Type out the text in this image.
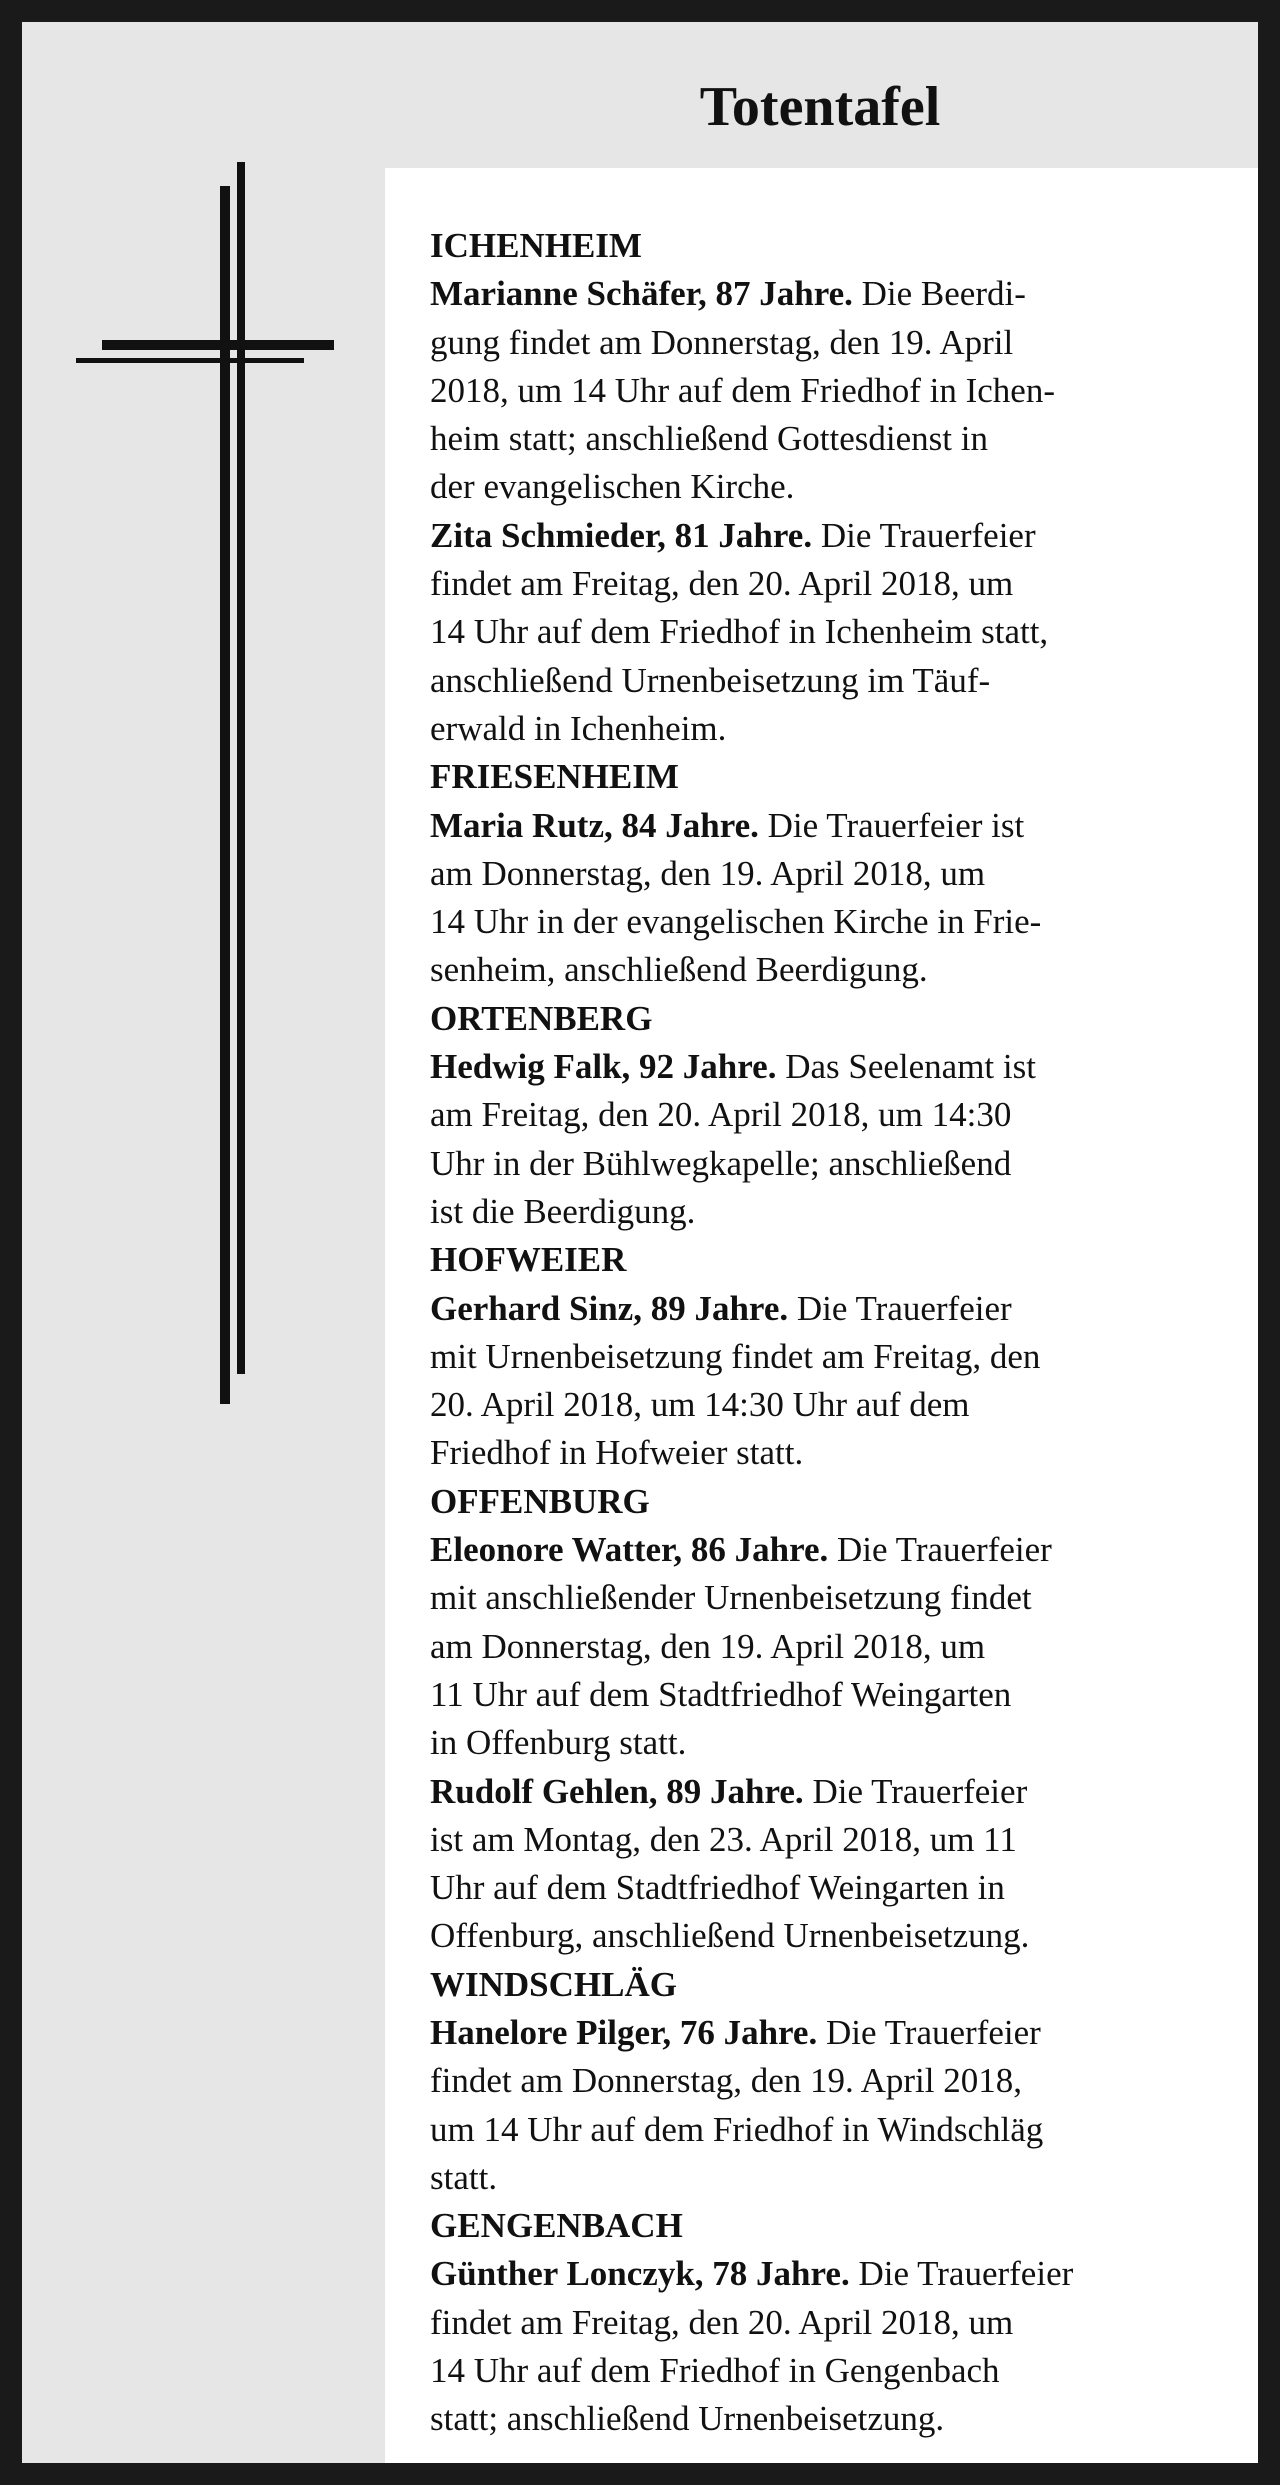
Totentafel
ICHENHEIM
Marianne Schäfer, 87 Jahre. Die Beerdi-
gung findet am Donnerstag, den 19. April
2018, um 14 Uhr auf dem Friedhof in Ichen-
heim statt; anschließend Gottesdienst in
der evangelischen Kirche.
Zita Schmieder, 81 Jahre. Die Trauerfeier
findet am Freitag, den 20. April 2018, um
14 Uhr auf dem Friedhof in Ichenheim statt,
anschließend Urnenbeisetzung im Täuf-
erwald in Ichenheim.
FRIESENHEIM
Maria Rutz, 84 Jahre. Die Trauerfeier ist
am Donnerstag, den 19. April 2018, um
14 Uhr in der evangelischen Kirche in Frie-
senheim, anschließend Beerdigung.
ORTENBERG
Hedwig Falk, 92 Jahre. Das Seelenamt ist
am Freitag, den 20. April 2018, um 14:30
Uhr in der Bühlwegkapelle; anschließend
ist die Beerdigung.
HOFWEIER
Gerhard Sinz, 89 Jahre. Die Trauerfeier
mit Urnenbeisetzung findet am Freitag, den
20. April 2018, um 14:30 Uhr auf dem
Friedhof in Hofweier statt.
OFFENBURG
Eleonore Watter, 86 Jahre. Die Trauerfeier
mit anschließender Urnenbeisetzung findet
am Donnerstag, den 19. April 2018, um
11 Uhr auf dem Stadtfriedhof Weingarten
in Offenburg statt.
Rudolf Gehlen, 89 Jahre. Die Trauerfeier
ist am Montag, den 23. April 2018, um 11
Uhr auf dem Stadtfriedhof Weingarten in
Offenburg, anschließend Urnenbeisetzung.
WINDSCHLÄG
Hanelore Pilger, 76 Jahre. Die Trauerfeier
findet am Donnerstag, den 19. April 2018,
um 14 Uhr auf dem Friedhof in Windschläg
statt.
GENGENBACH
Günther Lonczyk, 78 Jahre. Die Trauerfeier
findet am Freitag, den 20. April 2018, um
14 Uhr auf dem Friedhof in Gengenbach
statt; anschließend Urnenbeisetzung.
